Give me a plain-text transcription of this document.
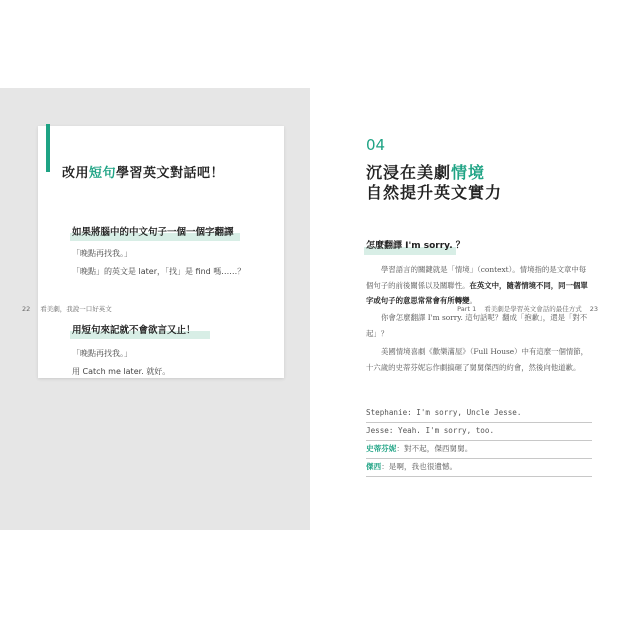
改用短句學習英文對話吧！
如果將腦中的中文句子一個一個字翻譯
「晚點再找我。」
「晚點」的英文是 later，「找」是 find 嗎……？
用短句來記就不會欲言又止！
「晚點再找我。」
用 Catch me later. 就好。
22 看美劇，我說一口好英文
04
沉浸在美劇情境
自然提升英文實力
怎麼翻譯 I'm sorry. ？
學習語言的關鍵就是「情境」（context）。情境指的是文章中每個句子的前後關係以及關聯性。在英文中，隨著情境不同，同一個單字或句子的意思常常會有所轉變。
你會怎麼翻譯 I'm sorry. 這句話呢？翻成「抱歉」，還是「對不起」？
美國情境喜劇《歡樂滿屋》（Full House）中有這麼一個情節，十六歲的史蒂芬妮忘作劇搞砸了舅舅傑西的約會，然後向他道歉。
Stephanie: I'm sorry, Uncle Jesse.
Jesse: Yeah. I'm sorry, too.
史蒂芬妮：對不起，傑西舅舅。
傑西：是啊，我也很遺憾。
Part 1 看美劇是學習英文會話的最佳方式 23
